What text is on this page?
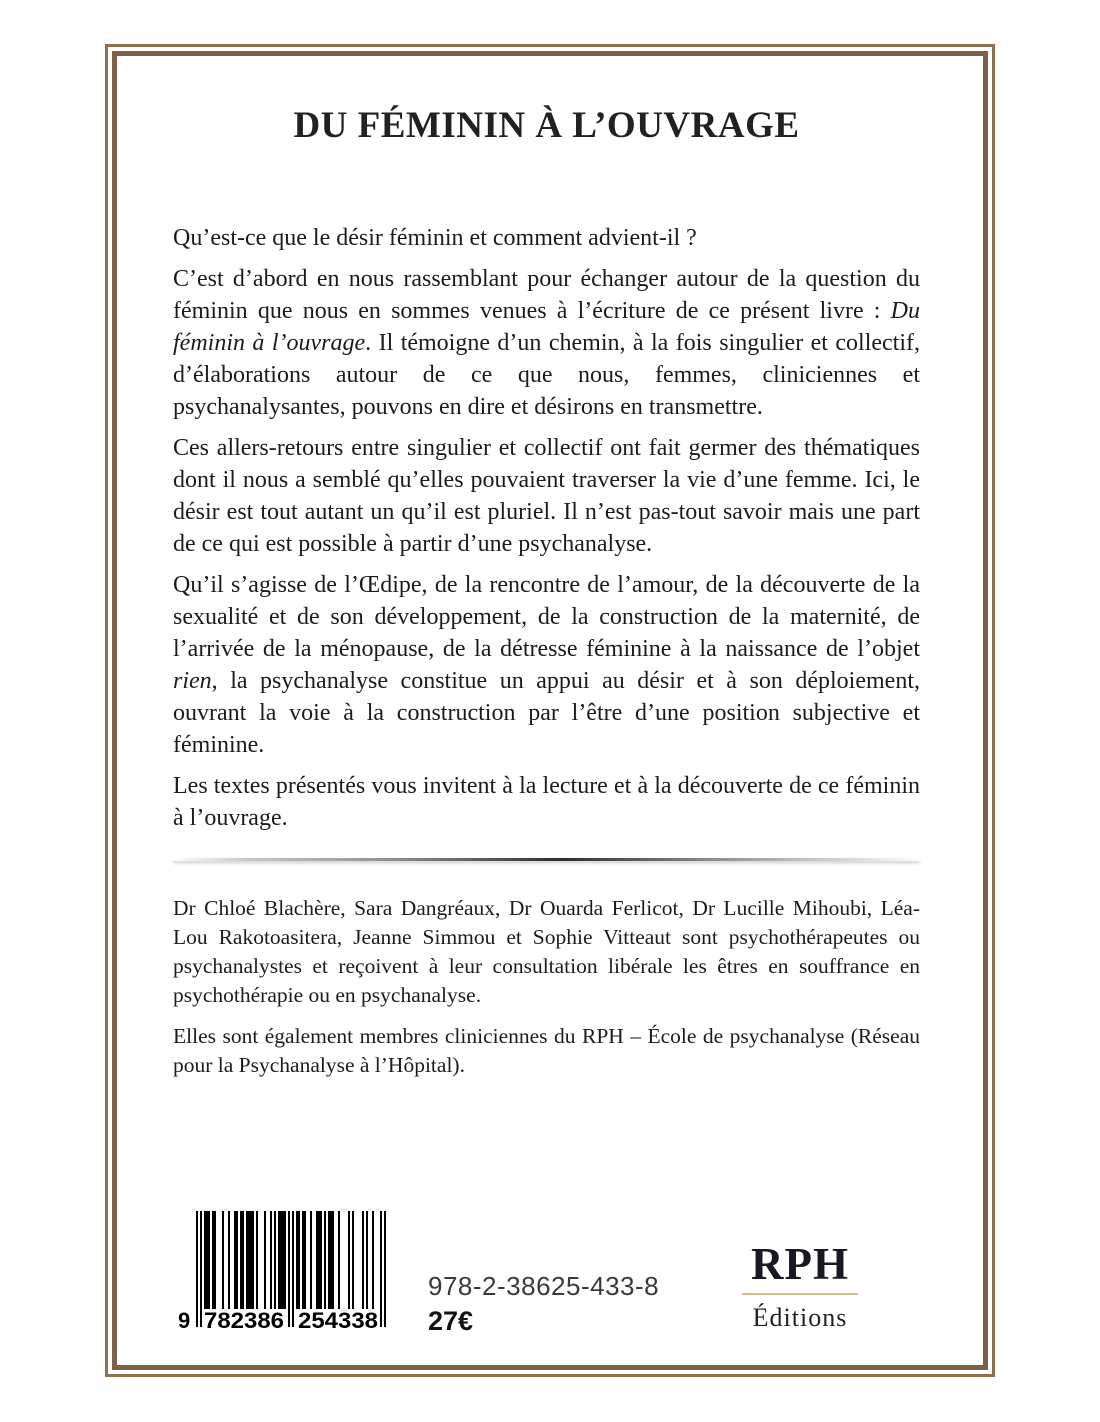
DU FÉMININ À L’OUVRAGE

Qu’est-ce que le désir féminin et comment advient-il ?

C’est d’abord en nous rassemblant pour échanger autour de la question du féminin que nous en sommes venues à l’écriture de ce présent livre : Du féminin à l’ouvrage. Il témoigne d’un chemin, à la fois singulier et collectif, d’élaborations autour de ce que nous, femmes, cliniciennes et psychanalysantes, pouvons en dire et désirons en transmettre.

Ces allers-retours entre singulier et collectif ont fait germer des thématiques dont il nous a semblé qu’elles pouvaient traverser la vie d’une femme. Ici, le désir est tout autant un qu’il est pluriel. Il n’est pas-tout savoir mais une part de ce qui est possible à partir d’une psychanalyse.

Qu’il s’agisse de l’Œdipe, de la rencontre de l’amour, de la découverte de la sexualité et de son développement, de la construction de la maternité, de l’arrivée de la ménopause, de la détresse féminine à la naissance de l’objet rien, la psychanalyse constitue un appui au désir et à son déploiement, ouvrant la voie à la construction par l’être d’une position subjective et féminine.

Les textes présentés vous invitent à la lecture et à la découverte de ce féminin à l’ouvrage.

Dr Chloé Blachère, Sara Dangréaux, Dr Ouarda Ferlicot, Dr Lucille Mihoubi, Léa-Lou Rakotoasitera, Jeanne Simmou et Sophie Vitteaut sont psychothérapeutes ou psychanalystes et reçoivent à leur consultation libérale les êtres en souffrance en psychothérapie ou en psychanalyse.

Elles sont également membres cliniciennes du RPH – École de psychanalyse (Réseau pour la Psychanalyse à l’Hôpital).

9 782386 254338
978-2-38625-433-8
27€
RPH
Éditions
